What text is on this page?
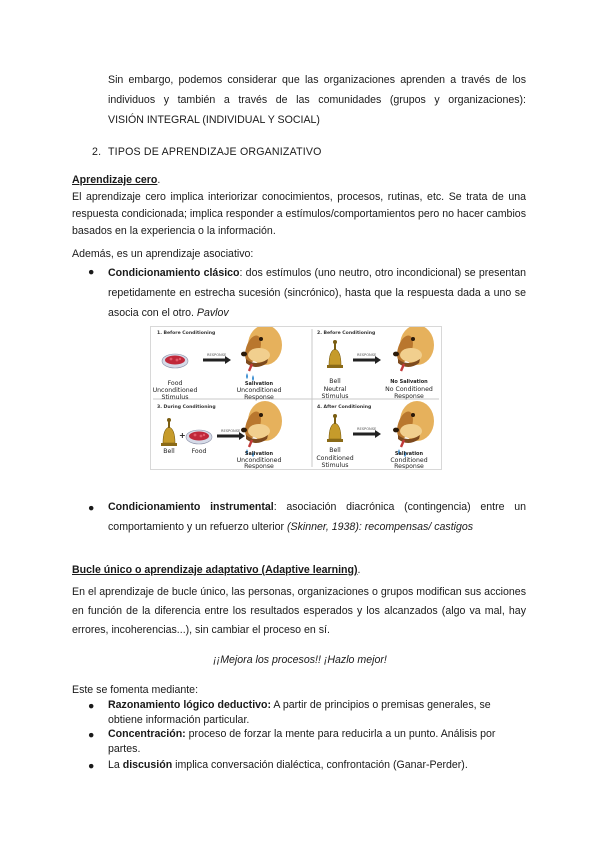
Sin embargo, podemos considerar que las organizaciones aprenden a través de los
individuos y también a través de las comunidades (grupos y organizaciones):
VISIÓN INTEGRAL (INDIVIDUAL Y SOCIAL)
2. TIPOS DE APRENDIZAJE ORGANIZATIVO
Aprendizaje cero.
El aprendizaje cero implica interiorizar conocimientos, procesos, rutinas, etc. Se trata de una respuesta condicionada; implica responder a estímulos/comportamientos pero no hacer cambios basados en la experiencia o la información.
Además, es un aprendizaje asociativo:
● Condicionamiento clásico: dos estímulos (uno neutro, otro incondicional) se presentan repetidamente en estrecha sucesión (sincrónico), hasta que la respuesta dada a uno se asocia con el otro. Pavlov
1. Before Conditioning
RESPONSE
Food
Unconditioned
Stimulus
Salivation
Unconditioned
Response
2. Before Conditioning
RESPONSE
Bell
Neutral
Stimulus
No Salivation
No Conditioned
Response
3. During Conditioning
+	RESPONSE
Bell	Food	Salivation
Unconditioned
Response
4. After Conditioning
RESPONSE
Bell
Conditioned
Stimulus
Salivation
Conditioned
Response
● Condicionamiento instrumental: asociación diacrónica (contingencia) entre un comportamiento y un refuerzo ulterior (Skinner, 1938): recompensas/ castigos
Bucle único o aprendizaje adaptativo (Adaptive learning).
En el aprendizaje de bucle único, las personas, organizaciones o grupos modifican sus acciones en función de la diferencia entre los resultados esperados y los alcanzados (algo va mal, hay errores, incoherencias...), sin cambiar el proceso en sí.
¡¡Mejora los procesos!! ¡Hazlo mejor!
Este se fomenta mediante:
● Razonamiento lógico deductivo: A partir de principios o premisas generales, se obtiene información particular.
● Concentración: proceso de forzar la mente para reducirla a un punto. Análisis por partes.
● La discusión implica conversación dialéctica, confrontación (Ganar-Perder).
